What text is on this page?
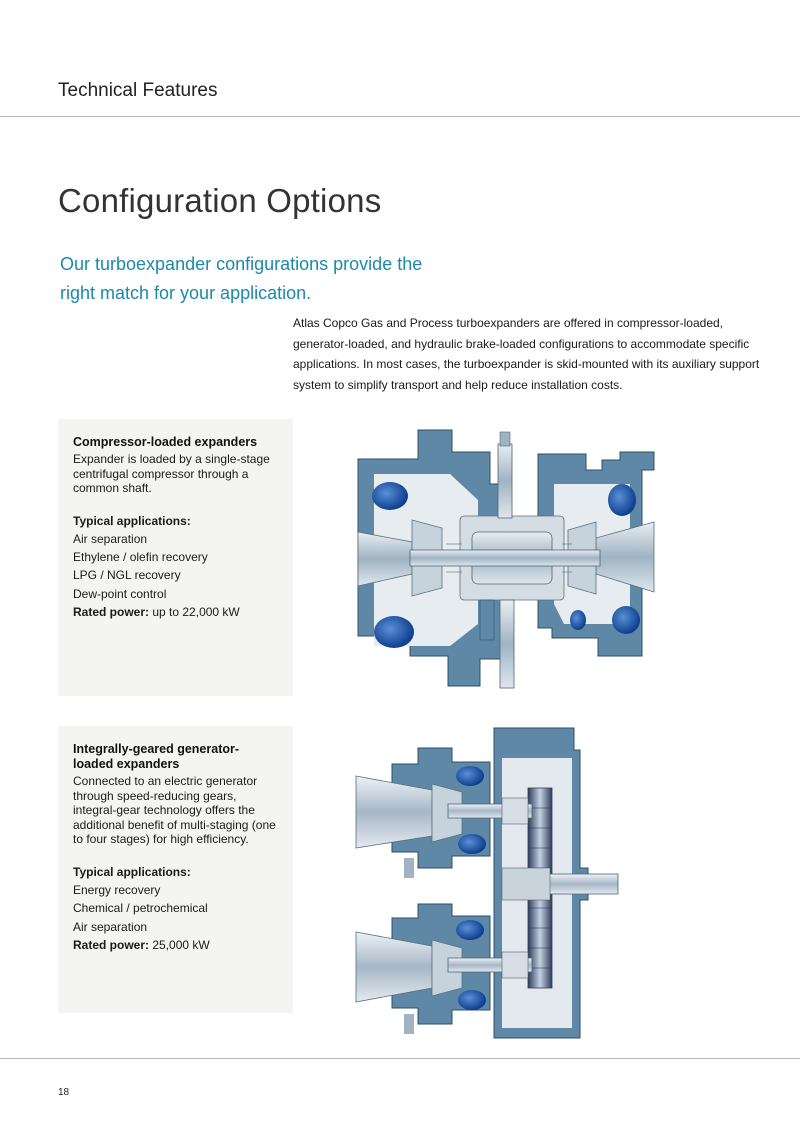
Technical Features
Configuration Options

Our turboexpander configurations provide the right match for your application.

Atlas Copco Gas and Process turboexpanders are offered in compressor-loaded, generator-loaded, and hydraulic brake-loaded configurations to accommodate specific applications. In most cases, the turboexpander is skid-mounted with its auxiliary support system to simplify transport and help reduce installation costs.

Compressor-loaded expanders

Expander is loaded by a single-stage centrifugal compressor through a common shaft.

Typical applications:

Air separation
Ethylene / olefin recovery
LPG / NGL recovery
Dew-point control

Rated power: up to 22,000 kW

Integrally-geared generator-loaded expanders

Connected to an electric generator through speed-reducing gears, integral-gear technology offers the additional benefit of multi-staging (one to four stages) for high efficiency.

Typical applications:

Energy recovery
Chemical / petrochemical
Air separation

Rated power: 25,000 kW

18
